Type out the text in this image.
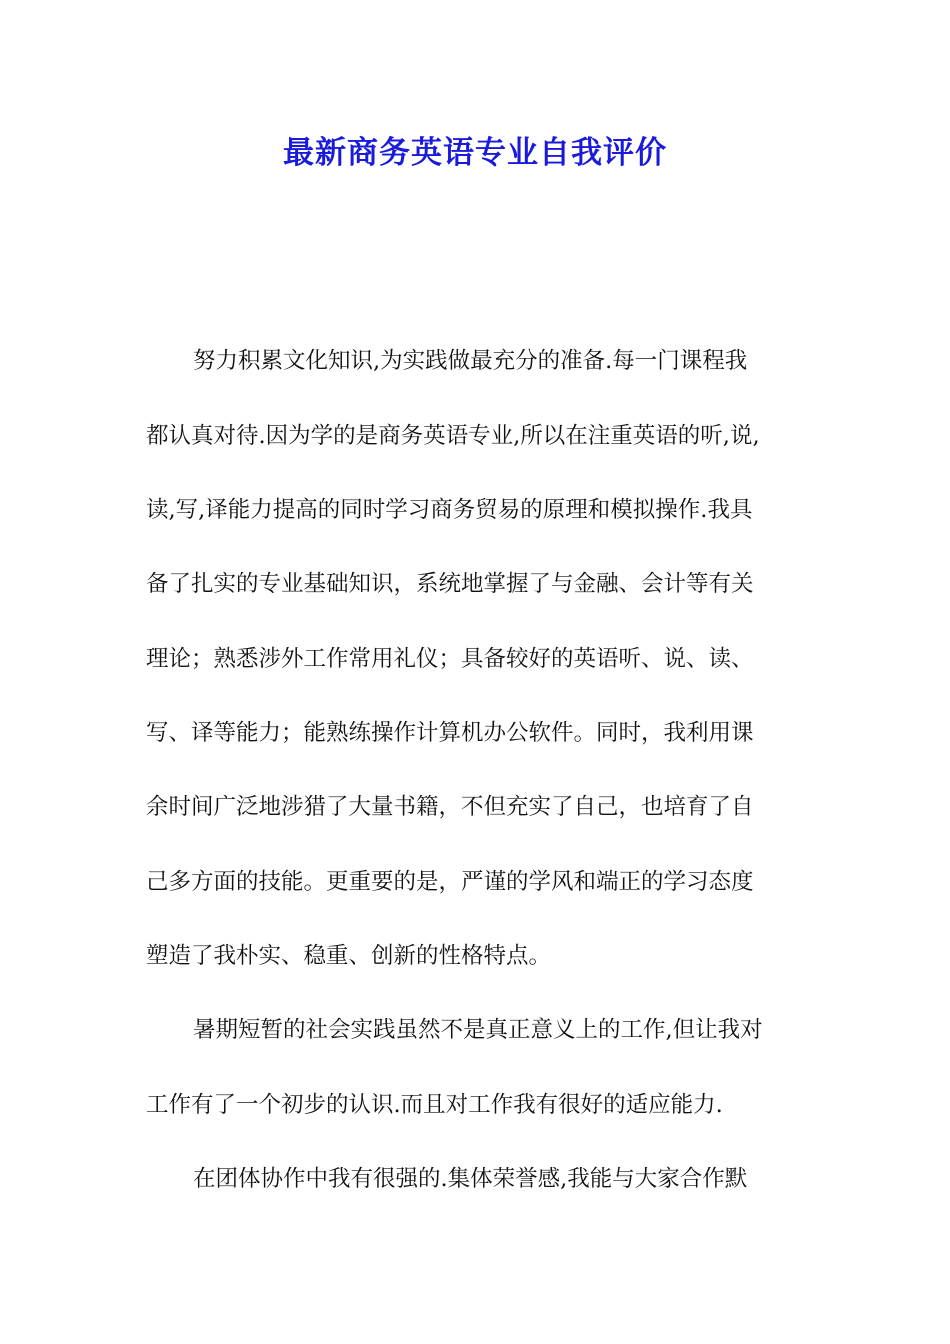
最新商务英语专业自我评价

努力积累文化知识,为实践做最充分的准备.每一门课程我

都认真对待.因为学的是商务英语专业,所以在注重英语的听,说,

读,写,译能力提高的同时学习商务贸易的原理和模拟操作.我具

备了扎实的专业基础知识，系统地掌握了与金融、会计等有关

理论；熟悉涉外工作常用礼仪；具备较好的英语听、说、读、

写、译等能力；能熟练操作计算机办公软件。同时，我利用课

余时间广泛地涉猎了大量书籍，不但充实了自己，也培育了自

己多方面的技能。更重要的是，严谨的学风和端正的学习态度

塑造了我朴实、稳重、创新的性格特点。

暑期短暂的社会实践虽然不是真正意义上的工作,但让我对

工作有了一个初步的认识.而且对工作我有很好的适应能力.

在团体协作中我有很强的.集体荣誉感,我能与大家合作默
